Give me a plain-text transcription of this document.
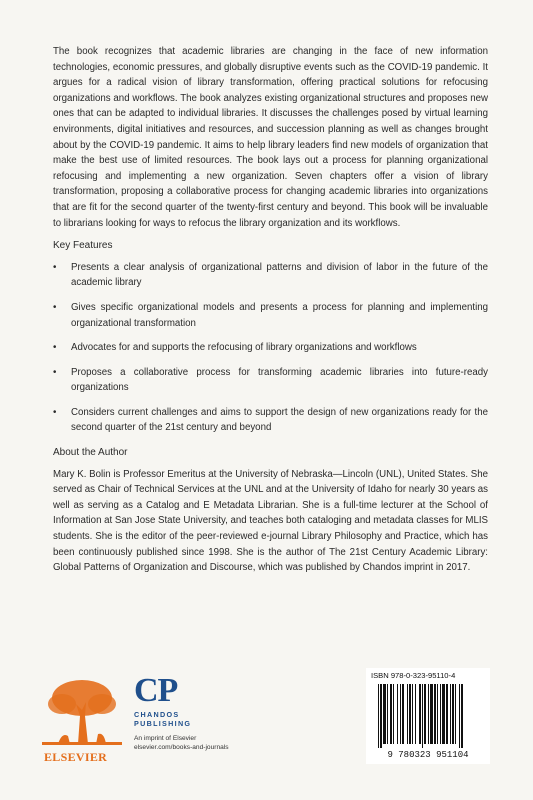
The book recognizes that academic libraries are changing in the face of new information technologies, economic pressures, and globally disruptive events such as the COVID-19 pandemic. It argues for a radical vision of library transformation, offering practical solutions for refocusing organizations and workflows. The book analyzes existing organizational structures and proposes new ones that can be adapted to individual libraries. It discusses the challenges posed by virtual learning environments, digital initiatives and resources, and succession planning as well as changes brought about by the COVID-19 pandemic. It aims to help library leaders find new models of organization that make the best use of limited resources. The book lays out a process for planning organizational refocusing and implementing a new organization. Seven chapters offer a vision of library transformation, proposing a collaborative process for changing academic libraries into organizations that are fit for the second quarter of the twenty-first century and beyond. This book will be invaluable to librarians looking for ways to refocus the library organization and its workflows.

Key Features
• Presents a clear analysis of organizational patterns and division of labor in the future of the academic library
• Gives specific organizational models and presents a process for planning and implementing organizational transformation
• Advocates for and supports the refocusing of library organizations and workflows
• Proposes a collaborative process for transforming academic libraries into future-ready organizations
• Considers current challenges and aims to support the design of new organizations ready for the second quarter of the 21st century and beyond
About the Author

Mary K. Bolin is Professor Emeritus at the University of Nebraska—Lincoln (UNL), United States. She served as Chair of Technical Services at the UNL and at the University of Idaho for nearly 30 years as well as serving as a Catalog and E Metadata Librarian. She is a full-time lecturer at the School of Information at San Jose State University, and teaches both cataloging and metadata classes for MLIS students. She is the editor of the peer-reviewed e-journal Library Philosophy and Practice, which has been continuously published since 1998. She is the author of The 21st Century Academic Library: Global Patterns of Organization and Discourse, which was published by Chandos imprint in 2017.

ELSEVIER
CP
CHANDOS
PUBLISHING
An imprint of Elsevier
elsevier.com/books-and-journals
ISBN 978-0-323-95110-4
9 780323 951104
